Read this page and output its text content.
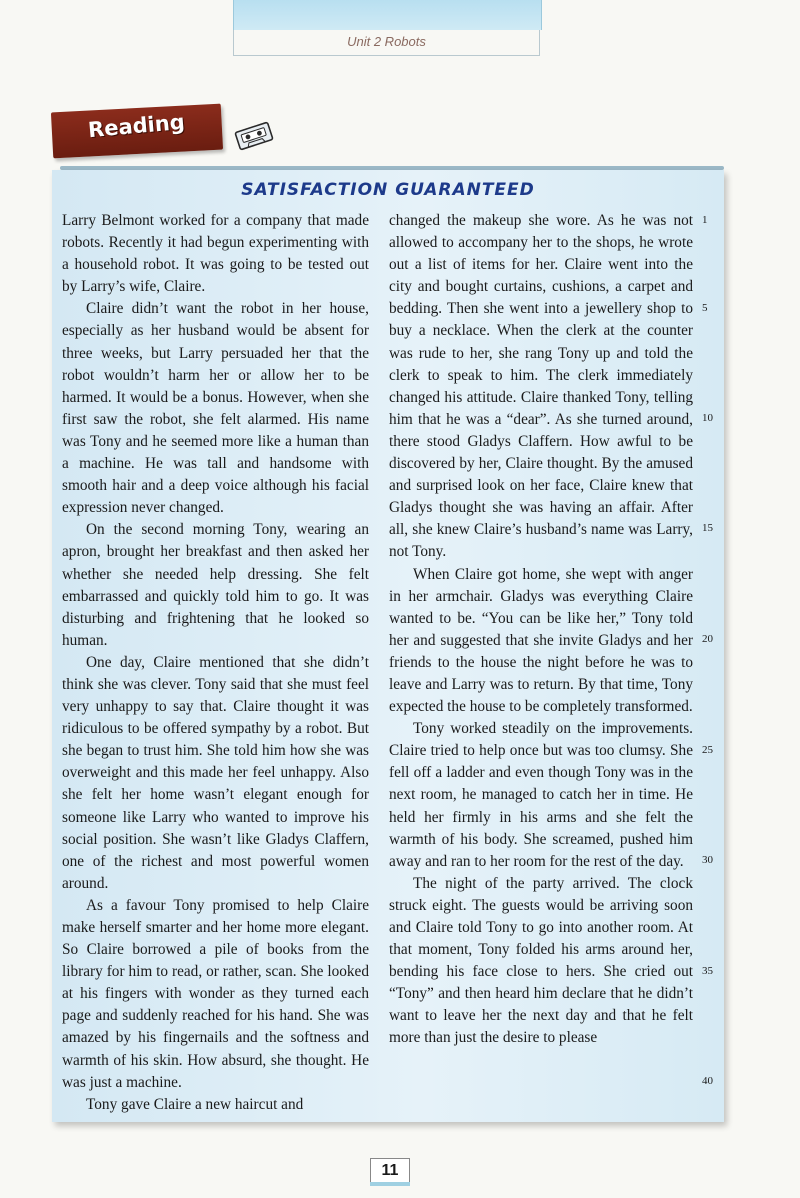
Unit 2 Robots
Reading
SATISFACTION GUARANTEED

Larry Belmont worked for a company that made robots. Recently it had begun experimenting with a household robot. It was going to be tested out by Larry’s wife, Claire.

Claire didn’t want the robot in her house, especially as her husband would be absent for three weeks, but Larry persuaded her that the robot wouldn’t harm her or allow her to be harmed. It would be a bonus. However, when she first saw the robot, she felt alarmed. His name was Tony and he seemed more like a human than a machine. He was tall and handsome with smooth hair and a deep voice although his facial expression never changed.

On the second morning Tony, wearing an apron, brought her breakfast and then asked her whether she needed help dressing. She felt embarrassed and quickly told him to go. It was disturbing and frightening that he looked so human.

One day, Claire mentioned that she didn’t think she was clever. Tony said that she must feel very unhappy to say that. Claire thought it was ridiculous to be offered sympathy by a robot. But she began to trust him. She told him how she was overweight and this made her feel unhappy. Also she felt her home wasn’t elegant enough for someone like Larry who wanted to improve his social position. She wasn’t like Gladys Claffern, one of the richest and most powerful women around.

As a favour Tony promised to help Claire make herself smarter and her home more elegant. So Claire borrowed a pile of books from the library for him to read, or rather, scan. She looked at his fingers with wonder as they turned each page and suddenly reached for his hand. She was amazed by his fingernails and the softness and warmth of his skin. How absurd, she thought. He was just a machine.

Tony gave Claire a new haircut and

changed the makeup she wore. As he was not allowed to accompany her to the shops, he wrote out a list of items for her. Claire went into the city and bought curtains, cushions, a carpet and bedding. Then she went into a jewellery shop to buy a necklace. When the clerk at the counter was rude to her, she rang Tony up and told the clerk to speak to him. The clerk immediately changed his attitude. Claire thanked Tony, telling him that he was a “dear”. As she turned around, there stood Gladys Claffern. How awful to be discovered by her, Claire thought. By the amused and surprised look on her face, Claire knew that Gladys thought she was having an affair. After all, she knew Claire’s husband’s name was Larry, not Tony.

When Claire got home, she wept with anger in her armchair. Gladys was everything Claire wanted to be. “You can be like her,” Tony told her and suggested that she invite Gladys and her friends to the house the night before he was to leave and Larry was to return. By that time, Tony expected the house to be completely transformed.

Tony worked steadily on the improvements. Claire tried to help once but was too clumsy. She fell off a ladder and even though Tony was in the next room, he managed to catch her in time. He held her firmly in his arms and she felt the warmth of his body. She screamed, pushed him away and ran to her room for the rest of the day.

The night of the party arrived. The clock struck eight. The guests would be arriving soon and Claire told Tony to go into another room. At that moment, Tony folded his arms around her, bending his face close to hers. She cried out “Tony” and then heard him declare that he didn’t want to leave her the next day and that he felt more than just the desire to please

1
5
10
15
20
25
30
35
40
11
